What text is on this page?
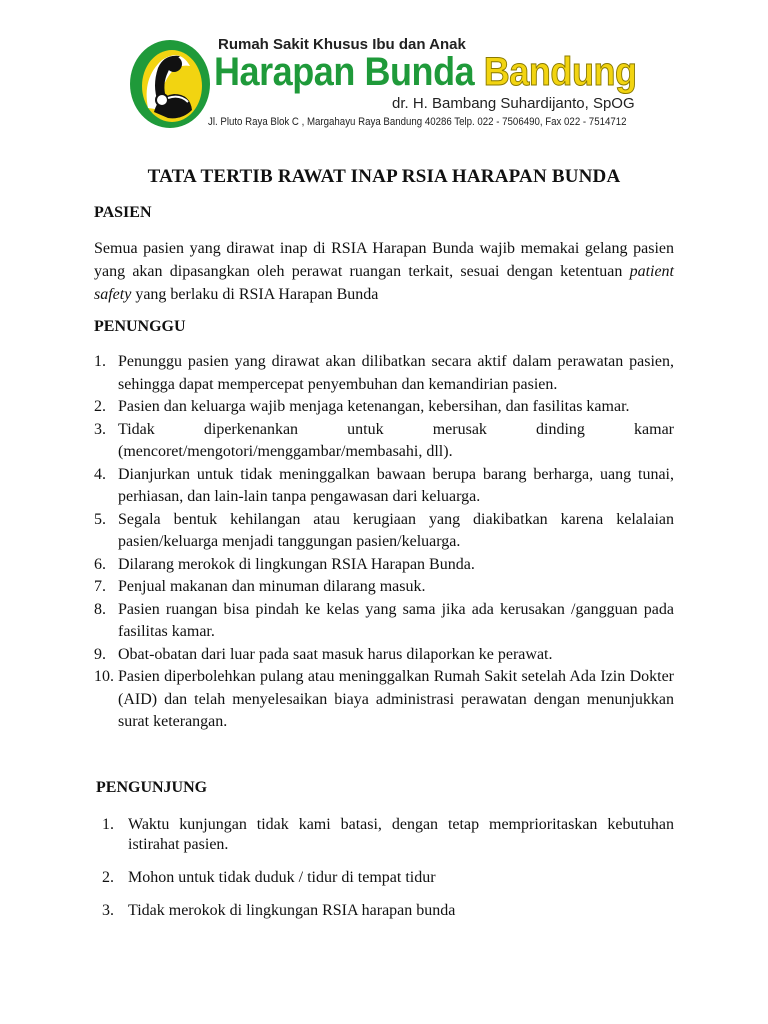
Rumah Sakit Khusus Ibu dan Anak
Harapan Bunda Bandung
dr. H. Bambang Suhardijanto, SpOG
Jl. Pluto Raya Blok C , Margahayu Raya Bandung 40286 Telp. 022 - 7506490, Fax 022 - 7514712
TATA TERTIB RAWAT INAP RSIA HARAPAN BUNDA
PASIEN
Semua pasien yang dirawat inap di RSIA Harapan Bunda wajib memakai gelang pasien yang akan dipasangkan oleh perawat ruangan terkait, sesuai dengan ketentuan patient safety yang berlaku di RSIA Harapan Bunda
PENUNGGU
1. Penunggu pasien yang dirawat akan dilibatkan secara aktif dalam perawatan pasien, sehingga dapat mempercepat penyembuhan dan kemandirian pasien.
2. Pasien dan keluarga wajib menjaga ketenangan, kebersihan, dan fasilitas kamar.
3. Tidak diperkenankan untuk merusak dinding kamar (mencoret/mengotori/menggambar/membasahi, dll).
4. Dianjurkan untuk tidak meninggalkan bawaan berupa barang berharga, uang tunai, perhiasan, dan lain-lain tanpa pengawasan dari keluarga.
5. Segala bentuk kehilangan atau kerugiaan yang diakibatkan karena kelalaian pasien/keluarga menjadi tanggungan pasien/keluarga.
6. Dilarang merokok di lingkungan RSIA Harapan Bunda.
7. Penjual makanan dan minuman dilarang masuk.
8. Pasien ruangan bisa pindah ke kelas yang sama jika ada kerusakan /gangguan pada fasilitas kamar.
9. Obat-obatan dari luar pada saat masuk harus dilaporkan ke perawat.
10. Pasien diperbolehkan pulang atau meninggalkan Rumah Sakit setelah Ada Izin Dokter (AID) dan telah menyelesaikan biaya administrasi perawatan dengan menunjukkan surat keterangan.
PENGUNJUNG
1. Waktu kunjungan tidak kami batasi, dengan tetap memprioritaskan kebutuhan istirahat pasien.
2. Mohon untuk tidak duduk / tidur di tempat tidur
3. Tidak merokok di lingkungan RSIA harapan bunda
